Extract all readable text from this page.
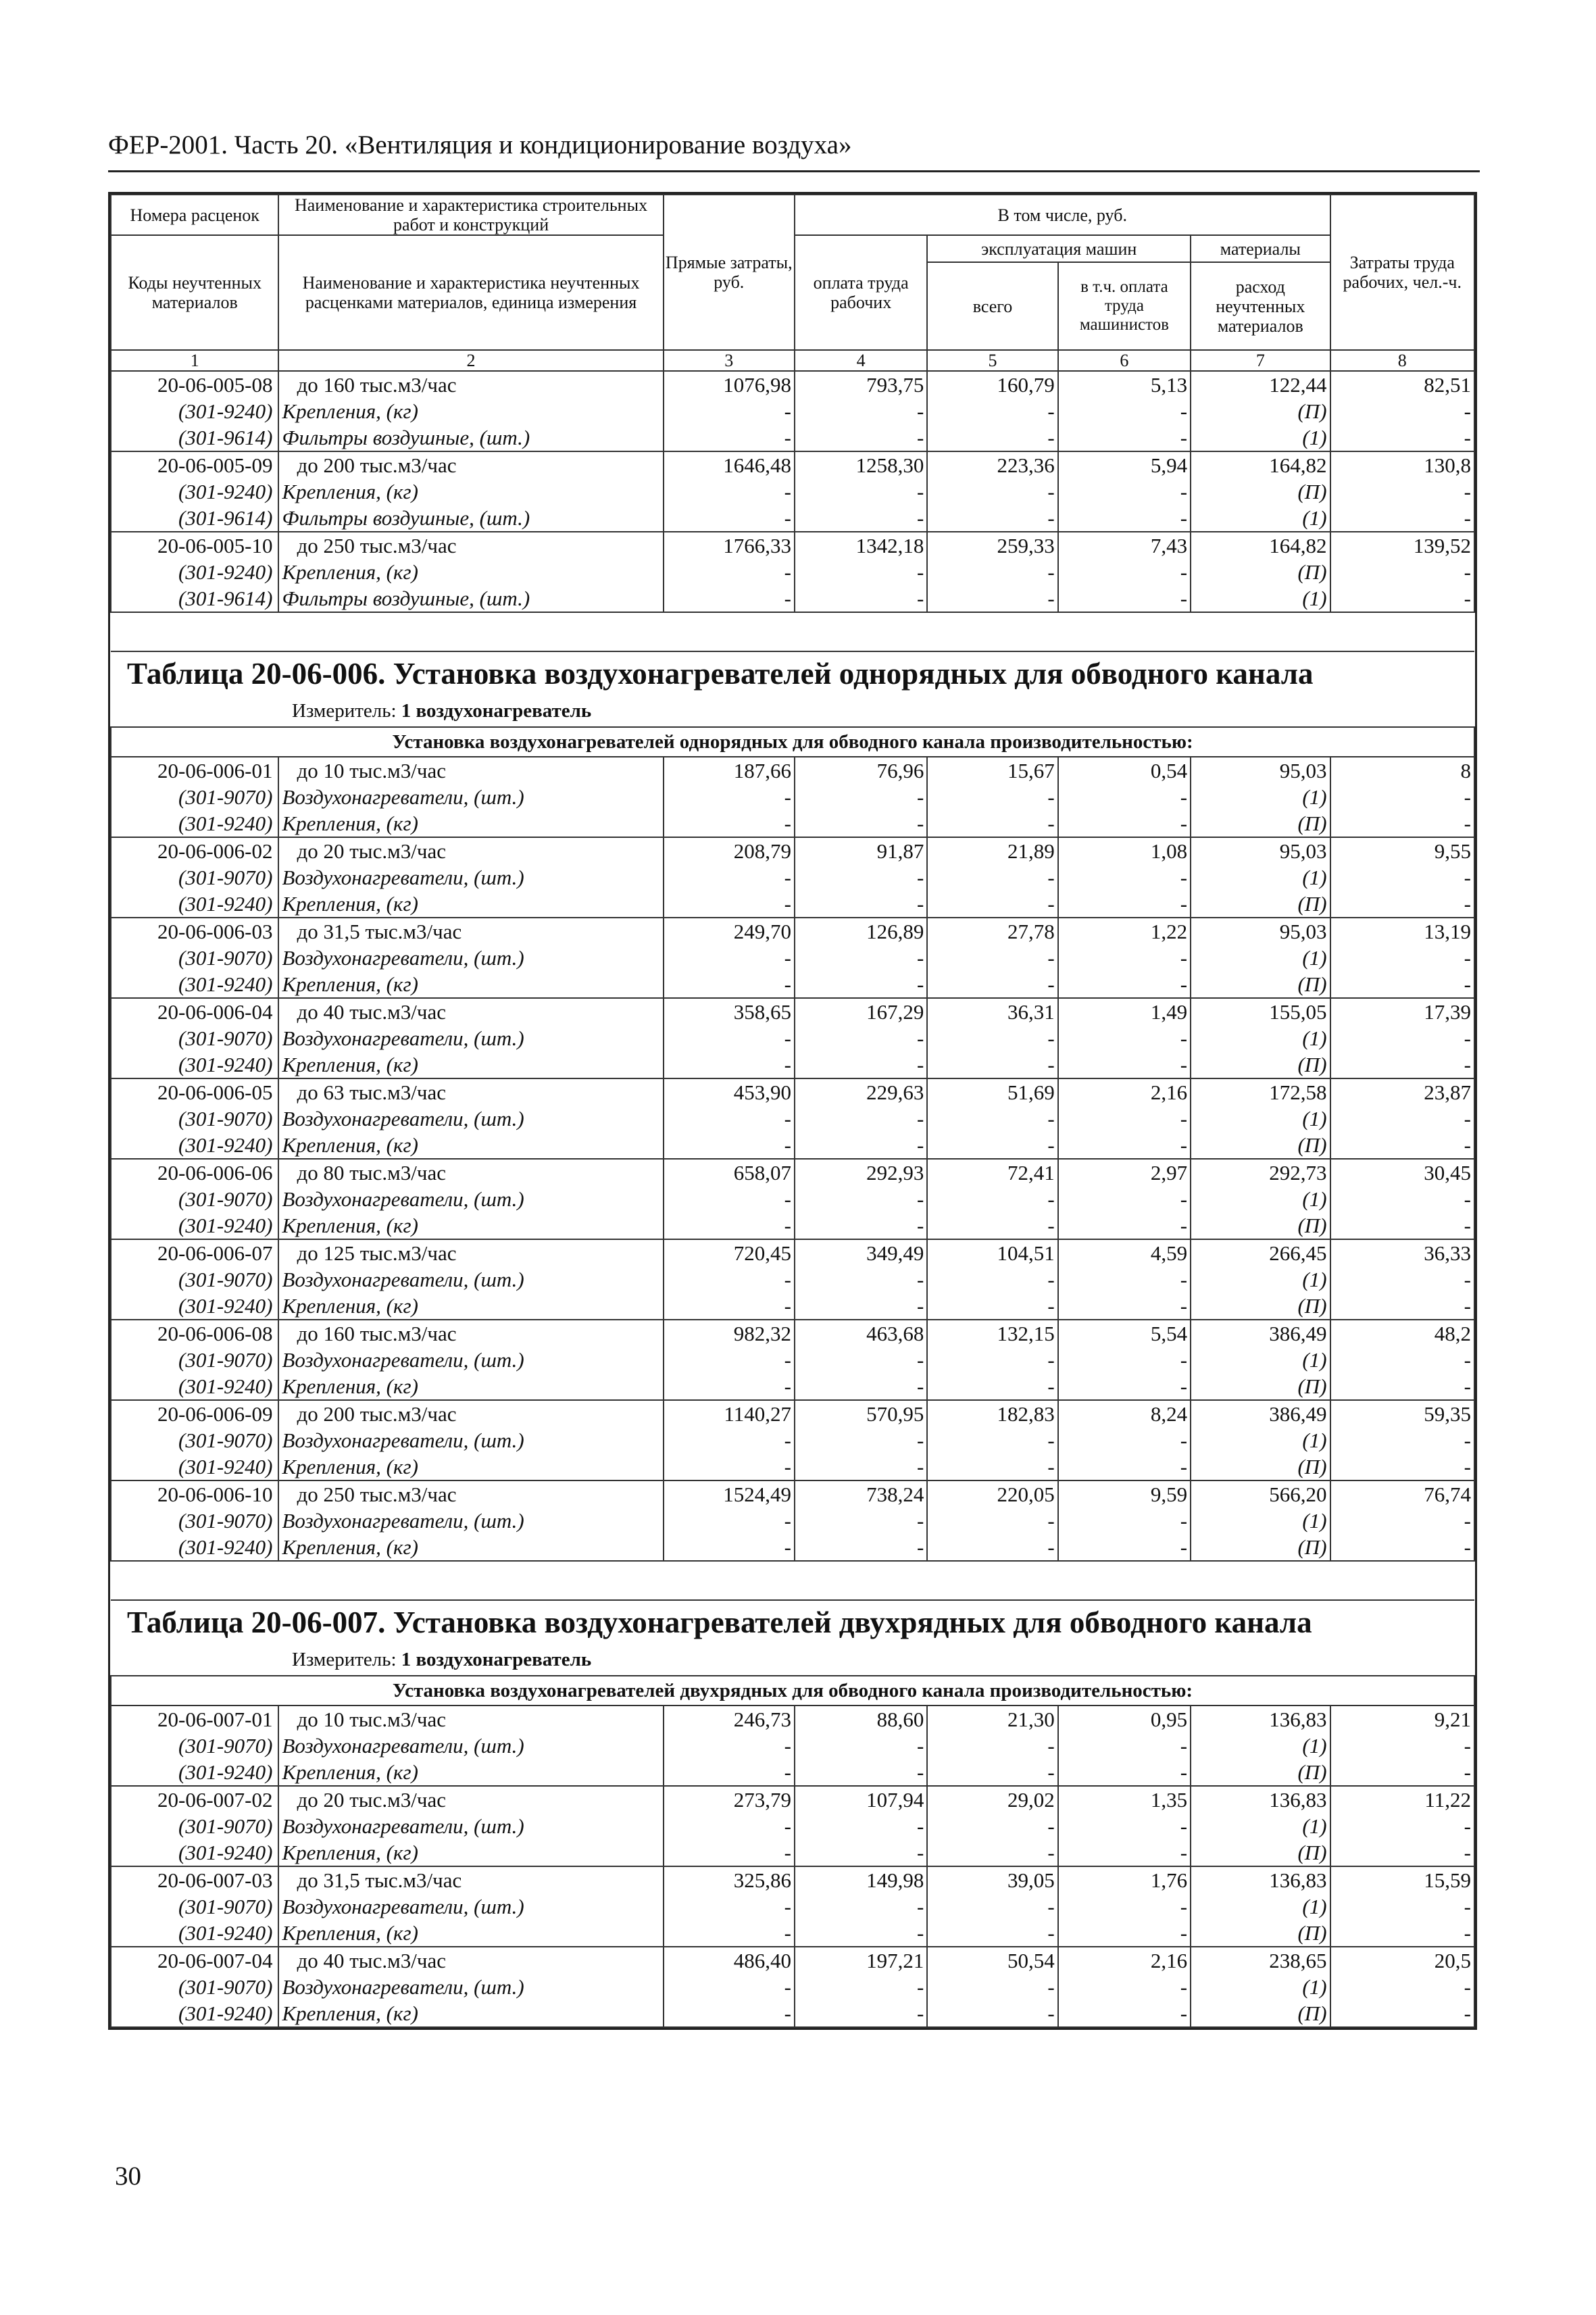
ФЕР-2001. Часть 20. «Вентиляция и кондиционирование воздуха»
Номера расценок	Наименование и характеристика строительных работ и конструкций	Прямые затраты, руб.	В том числе, руб.				Затраты труда рабочих, чел.-ч.
Коды неучтенных материалов	Наименование и характеристика неучтенных расценками материалов, единица измерения		оплата труда рабочих	эксплуатация машин		материалы	
				всего	в т.ч. оплата труда машинистов	расход неучтенных материалов	
1	2	3	4	5	6	7	8
20-06-005-08	до 160 тыс.м3/час	1076,98	793,75	160,79	5,13	122,44	82,51
(301-9240)	Крепления, (кг)	-	-	-	-	(П)	-
(301-9614)	Фильтры воздушные, (шт.)	-	-	-	-	(1)	-
20-06-005-09	до 200 тыс.м3/час	1646,48	1258,30	223,36	5,94	164,82	130,8
(301-9240)	Крепления, (кг)	-	-	-	-	(П)	-
(301-9614)	Фильтры воздушные, (шт.)	-	-	-	-	(1)	-
20-06-005-10	до 250 тыс.м3/час	1766,33	1342,18	259,33	7,43	164,82	139,52
(301-9240)	Крепления, (кг)	-	-	-	-	(П)	-
(301-9614)	Фильтры воздушные, (шт.)	-	-	-	-	(1)	-

Таблица 20-06-006. Установка воздухонагревателей однорядных для обводного канала							
Измеритель: 1 воздухонагреватель							
Установка воздухонагревателей однорядных для обводного канала производительностью:							
20-06-006-01	до 10 тыс.м3/час	187,66	76,96	15,67	0,54	95,03	8
(301-9070)	Воздухонагреватели, (шт.)	-	-	-	-	(1)	-
(301-9240)	Крепления, (кг)	-	-	-	-	(П)	-
20-06-006-02	до 20 тыс.м3/час	208,79	91,87	21,89	1,08	95,03	9,55
(301-9070)	Воздухонагреватели, (шт.)	-	-	-	-	(1)	-
(301-9240)	Крепления, (кг)	-	-	-	-	(П)	-
20-06-006-03	до 31,5 тыс.м3/час	249,70	126,89	27,78	1,22	95,03	13,19
(301-9070)	Воздухонагреватели, (шт.)	-	-	-	-	(1)	-
(301-9240)	Крепления, (кг)	-	-	-	-	(П)	-
20-06-006-04	до 40 тыс.м3/час	358,65	167,29	36,31	1,49	155,05	17,39
(301-9070)	Воздухонагреватели, (шт.)	-	-	-	-	(1)	-
(301-9240)	Крепления, (кг)	-	-	-	-	(П)	-
20-06-006-05	до 63 тыс.м3/час	453,90	229,63	51,69	2,16	172,58	23,87
(301-9070)	Воздухонагреватели, (шт.)	-	-	-	-	(1)	-
(301-9240)	Крепления, (кг)	-	-	-	-	(П)	-
20-06-006-06	до 80 тыс.м3/час	658,07	292,93	72,41	2,97	292,73	30,45
(301-9070)	Воздухонагреватели, (шт.)	-	-	-	-	(1)	-
(301-9240)	Крепления, (кг)	-	-	-	-	(П)	-
20-06-006-07	до 125 тыс.м3/час	720,45	349,49	104,51	4,59	266,45	36,33
(301-9070)	Воздухонагреватели, (шт.)	-	-	-	-	(1)	-
(301-9240)	Крепления, (кг)	-	-	-	-	(П)	-
20-06-006-08	до 160 тыс.м3/час	982,32	463,68	132,15	5,54	386,49	48,2
(301-9070)	Воздухонагреватели, (шт.)	-	-	-	-	(1)	-
(301-9240)	Крепления, (кг)	-	-	-	-	(П)	-
20-06-006-09	до 200 тыс.м3/час	1140,27	570,95	182,83	8,24	386,49	59,35
(301-9070)	Воздухонагреватели, (шт.)	-	-	-	-	(1)	-
(301-9240)	Крепления, (кг)	-	-	-	-	(П)	-
20-06-006-10	до 250 тыс.м3/час	1524,49	738,24	220,05	9,59	566,20	76,74
(301-9070)	Воздухонагреватели, (шт.)	-	-	-	-	(1)	-
(301-9240)	Крепления, (кг)	-	-	-	-	(П)	-

Таблица 20-06-007. Установка воздухонагревателей двухрядных для обводного канала							
Измеритель: 1 воздухонагреватель							
Установка воздухонагревателей двухрядных для обводного канала производительностью:							
20-06-007-01	до 10 тыс.м3/час	246,73	88,60	21,30	0,95	136,83	9,21
(301-9070)	Воздухонагреватели, (шт.)	-	-	-	-	(1)	-
(301-9240)	Крепления, (кг)	-	-	-	-	(П)	-
20-06-007-02	до 20 тыс.м3/час	273,79	107,94	29,02	1,35	136,83	11,22
(301-9070)	Воздухонагреватели, (шт.)	-	-	-	-	(1)	-
(301-9240)	Крепления, (кг)	-	-	-	-	(П)	-
20-06-007-03	до 31,5 тыс.м3/час	325,86	149,98	39,05	1,76	136,83	15,59
(301-9070)	Воздухонагреватели, (шт.)	-	-	-	-	(1)	-
(301-9240)	Крепления, (кг)	-	-	-	-	(П)	-
20-06-007-04	до 40 тыс.м3/час	486,40	197,21	50,54	2,16	238,65	20,5
(301-9070)	Воздухонагреватели, (шт.)	-	-	-	-	(1)	-
(301-9240)	Крепления, (кг)	-	-	-	-	(П)	-
30
